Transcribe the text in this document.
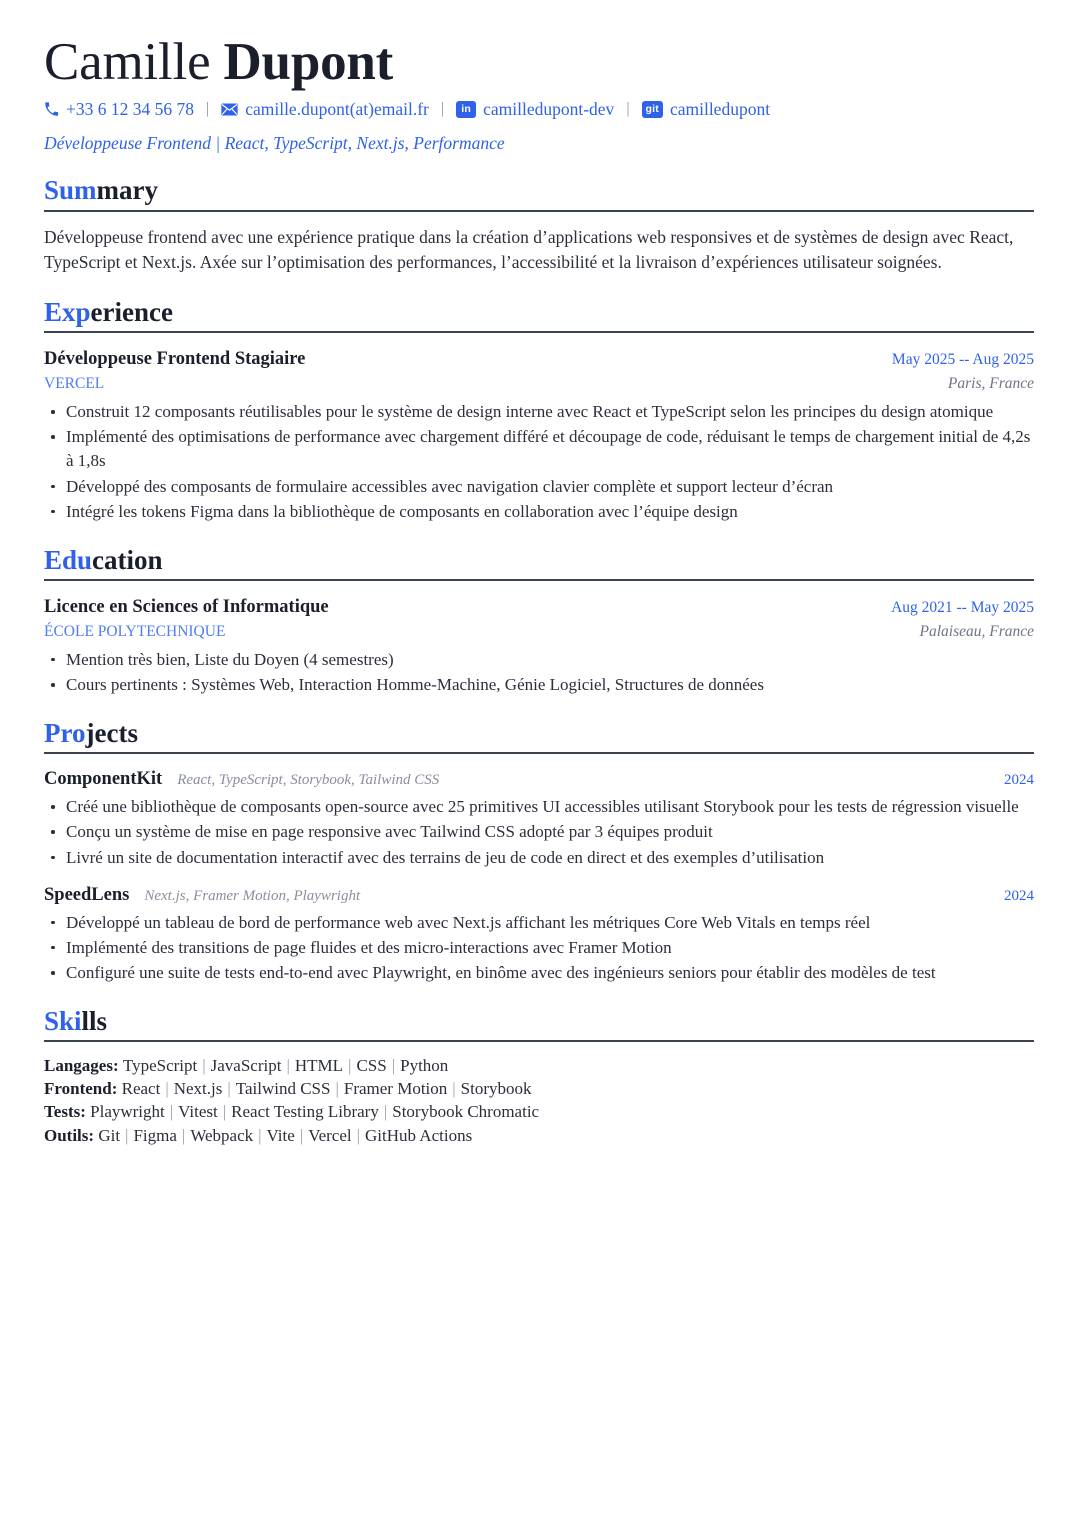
Camille Dupont
+33 6 12 34 56 78 |	camille.dupont(at)email.fr |	in camilledupont-dev |	git camilledupont
Développeuse Frontend | React, TypeScript, Next.js, Performance
Summary

Développeuse frontend avec une expérience pratique dans la création d’applications web responsives et de systèmes de design avec React, TypeScript et Next.js. Axée sur l’optimisation des performances, l’accessibilité et la livraison d’expériences utilisateur soignées.

Experience
Développeuse Frontend Stagiaire	May 2025 -- Aug 2025
VERCEL	Paris, France
Construit 12 composants réutilisables pour le système de design interne avec React et TypeScript selon les principes du design atomique
Implémenté des optimisations de performance avec chargement différé et découpage de code, réduisant le temps de chargement initial de 4,2s à 1,8s
Développé des composants de formulaire accessibles avec navigation clavier complète et support lecteur d’écran
Intégré les tokens Figma dans la bibliothèque de composants en collaboration avec l’équipe design
Education
Licence en Sciences of Informatique	Aug 2021 -- May 2025
ÉCOLE POLYTECHNIQUE	Palaiseau, France
Mention très bien, Liste du Doyen (4 semestres)
Cours pertinents : Systèmes Web, Interaction Homme-Machine, Génie Logiciel, Structures de données
Projects
ComponentKit React, TypeScript, Storybook, Tailwind CSS	2024
Créé une bibliothèque de composants open-source avec 25 primitives UI accessibles utilisant Storybook pour les tests de régression visuelle
Conçu un système de mise en page responsive avec Tailwind CSS adopté par 3 équipes produit
Livré un site de documentation interactif avec des terrains de jeu de code en direct et des exemples d’utilisation
SpeedLens Next.js, Framer Motion, Playwright	2024
Développé un tableau de bord de performance web avec Next.js affichant les métriques Core Web Vitals en temps réel
Implémenté des transitions de page fluides et des micro-interactions avec Framer Motion
Configuré une suite de tests end-to-end avec Playwright, en binôme avec des ingénieurs seniors pour établir des modèles de test
Skills
Langages: TypeScript | JavaScript | HTML | CSS | Python
Frontend: React | Next.js | Tailwind CSS | Framer Motion | Storybook
Tests: Playwright | Vitest | React Testing Library | Storybook Chromatic
Outils: Git | Figma | Webpack | Vite | Vercel | GitHub Actions
